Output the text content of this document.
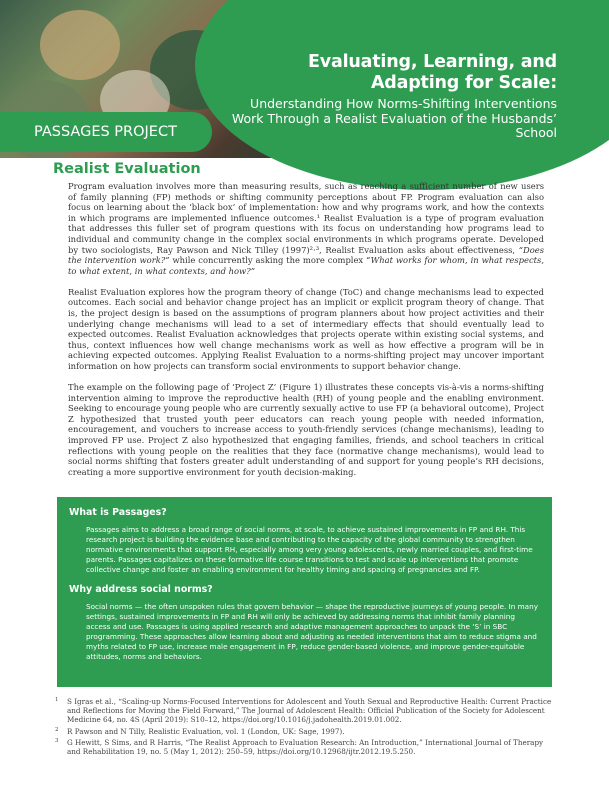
Evaluating, Learning, and
Adapting for Scale:
Understanding How Norms-Shifting Interventions Work Through a Realist Evaluation of the Husbands’ School
PASSAGES PROJECT
Realist Evaluation

Program evaluation involves more than measuring results, such as reaching a sufficient number of new users of family planning (FP) methods or shifting community perceptions about FP. Program evaluation can also focus on learning about the ‘black box’ of implementation: how and why programs work, and how the contexts in which programs are implemented influence outcomes.¹ Realist Evaluation is a type of program evaluation that addresses this fuller set of program questions with its focus on understanding how programs lead to individual and community change in the complex social environments in which programs operate. Developed by two sociologists, Ray Pawson and Nick Tilley (1997)²·³, Realist Evaluation asks about effectiveness, “Does the intervention work?” while concurrently asking the more complex “What works for whom, in what respects, to what extent, in what contexts, and how?”

Realist Evaluation explores how the program theory of change (ToC) and change mechanisms lead to expected outcomes. Each social and behavior change project has an implicit or explicit program theory of change. That is, the project design is based on the assumptions of program planners about how project activities and their underlying change mechanisms will lead to a set of intermediary effects that should eventually lead to expected outcomes. Realist Evaluation acknowledges that projects operate within existing social systems, and thus, context influences how well change mechanisms work as well as how effective a program will be in achieving expected outcomes. Applying Realist Evaluation to a norms-shifting project may uncover important information on how projects can transform social environments to support behavior change.

The example on the following page of ‘Project Z’ (Figure 1) illustrates these concepts vis-à-vis a norms-shifting intervention aiming to improve the reproductive health (RH) of young people and the enabling environment. Seeking to encourage young people who are currently sexually active to use FP (a behavioral outcome), Project Z hypothesized that trusted youth peer educators can reach young people with needed information, encouragement, and vouchers to increase access to youth-friendly services (change mechanisms), leading to improved FP use. Project Z also hypothesized that engaging families, friends, and school teachers in critical reflections with young people on the realities that they face (normative change mechanisms), would lead to social norms shifting that fosters greater adult understanding of and support for young people’s RH decisions, creating a more supportive environment for youth decision-making.

What is Passages?
Passages aims to address a broad range of social norms, at scale, to achieve sustained improvements in FP and RH. This research project is building the evidence base and contributing to the capacity of the global community to strengthen normative environments that support RH, especially among very young adolescents, newly married couples, and first-time parents. Passages capitalizes on these formative life course transitions to test and scale up interventions that promote collective change and foster an enabling environment for healthy timing and spacing of pregnancies and FP.
Why address social norms?
Social norms — the often unspoken rules that govern behavior — shape the reproductive journeys of young people. In many settings, sustained improvements in FP and RH will only be achieved by addressing norms that inhibit family planning access and use. Passages is using applied research and adaptive management approaches to unpack the ‘S’ in SBC programming. These approaches allow learning about and adjusting as needed interventions that aim to reduce stigma and myths related to FP use, increase male engagement in FP, reduce gender-based violence, and improve gender-equitable attitudes, norms and behaviors.
1 S Igras et al., “Scaling-up Norms-Focused Interventions for Adolescent and Youth Sexual and Reproductive Health: Current Practice and Reflections for Moving the Field Forward,” The Journal of Adolescent Health: Official Publication of the Society for Adolescent Medicine 64, no. 4S (April 2019): S10–12, https://doi.org/10.1016/j.jadohealth.2019.01.002.
2 R Pawson and N Tilly, Realistic Evaluation, vol. 1 (London, UK: Sage, 1997).
3 G Hewitt, S Sims, and R Harris, “The Realist Approach to Evaluation Research: An Introduction,” International Journal of Therapy and Rehabilitation 19, no. 5 (May 1, 2012): 250–59, https://doi.org/10.12968/ijtr.2012.19.5.250.
